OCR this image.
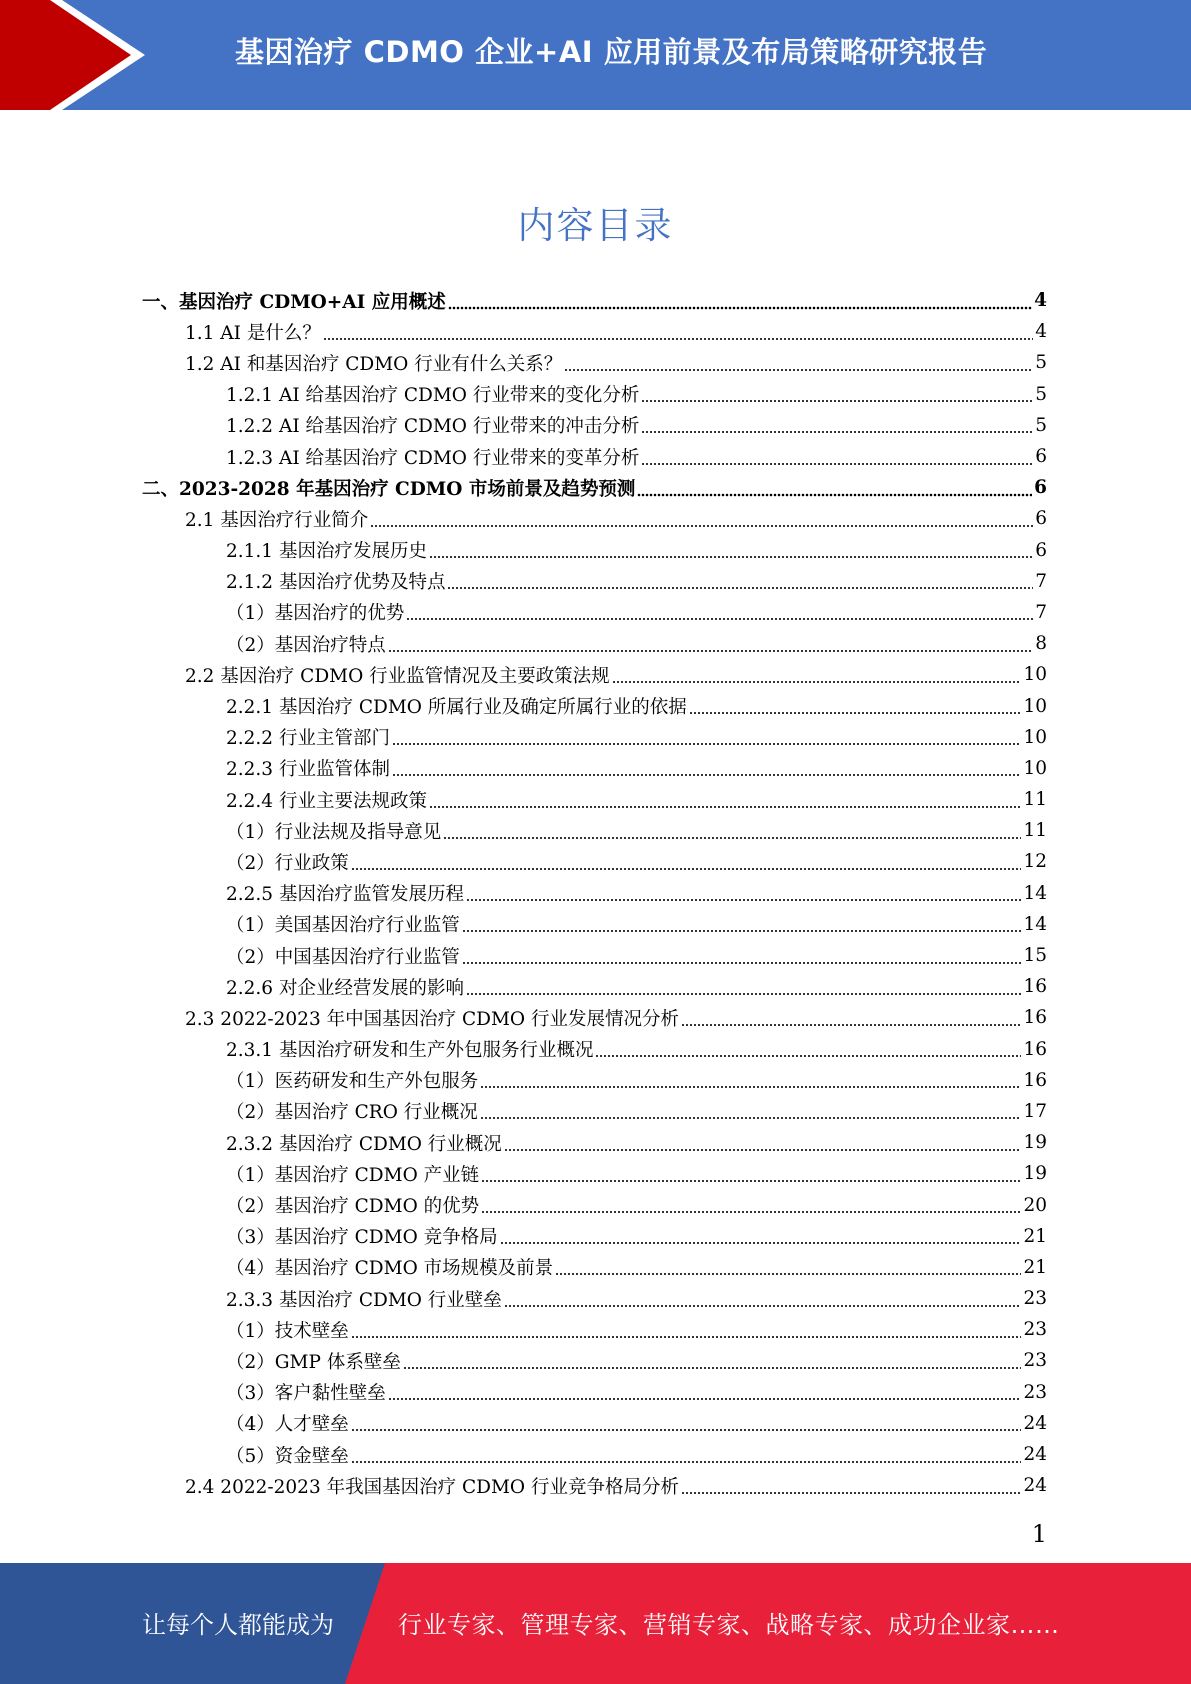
基因治疗 CDMO 企业+AI 应用前景及布局策略研究报告
内容目录
一、基因治疗 CDMO+AI 应用概述	4
1.1 AI 是什么？	4
1.2 AI 和基因治疗 CDMO 行业有什么关系？	5
1.2.1 AI 给基因治疗 CDMO 行业带来的变化分析	5
1.2.2 AI 给基因治疗 CDMO 行业带来的冲击分析	5
1.2.3 AI 给基因治疗 CDMO 行业带来的变革分析	6
二、2023-2028 年基因治疗 CDMO 市场前景及趋势预测	6
2.1 基因治疗行业简介	6
2.1.1 基因治疗发展历史	6
2.1.2 基因治疗优势及特点	7
（1）基因治疗的优势	7
（2）基因治疗特点	8
2.2 基因治疗 CDMO 行业监管情况及主要政策法规	10
2.2.1 基因治疗 CDMO 所属行业及确定所属行业的依据	10
2.2.2 行业主管部门	10
2.2.3 行业监管体制	10
2.2.4 行业主要法规政策	11
（1）行业法规及指导意见	11
（2）行业政策	12
2.2.5 基因治疗监管发展历程	14
（1）美国基因治疗行业监管	14
（2）中国基因治疗行业监管	15
2.2.6 对企业经营发展的影响	16
2.3 2022-2023 年中国基因治疗 CDMO 行业发展情况分析	16
2.3.1 基因治疗研发和生产外包服务行业概况	16
（1）医药研发和生产外包服务	16
（2）基因治疗 CRO 行业概况	17
2.3.2 基因治疗 CDMO 行业概况	19
（1）基因治疗 CDMO 产业链	19
（2）基因治疗 CDMO 的优势	20
（3）基因治疗 CDMO 竞争格局	21
（4）基因治疗 CDMO 市场规模及前景	21
2.3.3 基因治疗 CDMO 行业壁垒	23
（1）技术壁垒	23
（2）GMP 体系壁垒	23
（3）客户黏性壁垒	23
（4）人才壁垒	24
（5）资金壁垒	24
2.4 2022-2023 年我国基因治疗 CDMO 行业竞争格局分析	24
1
让每个人都能成为	行业专家、管理专家、营销专家、战略专家、成功企业家……
